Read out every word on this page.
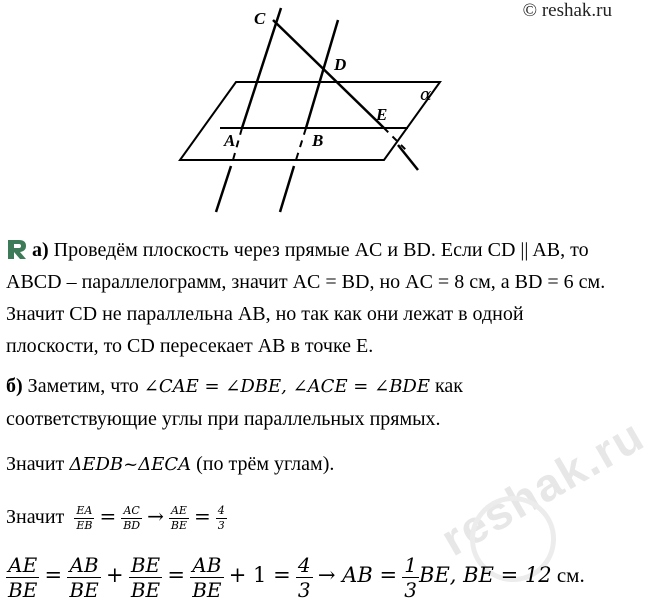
© reshak.ru
reshak.ru
C
D
E
A	B
α
а) Проведём плоскость через прямые AC и BD. Если CD || AB, то ABCD – параллелограмм, значит AC = BD, но AC = 8 см, а BD = 6 см. Значит CD не параллельна AB, но так как они лежат в одной плоскости, то CD пересекает AB в точке E.
б) Заметим, что ∠CAE = ∠DBE, ∠ACE = ∠BDE как соответствующие углы при параллельных прямых.
Значит ΔEDB~ΔECA (по трём углам).
Значит $\frac{EA}{EB} = \frac{AC}{BD} \to \frac{AE}{BE} = \frac{4}{3}$
$\frac{AE}{BE} = \frac{AB}{BE} + \frac{BE}{BE} = \frac{AB}{BE} + 1 = \frac{4}{3}$ → AB = $\frac{1}{3}$ BE, BE = 12 см.
